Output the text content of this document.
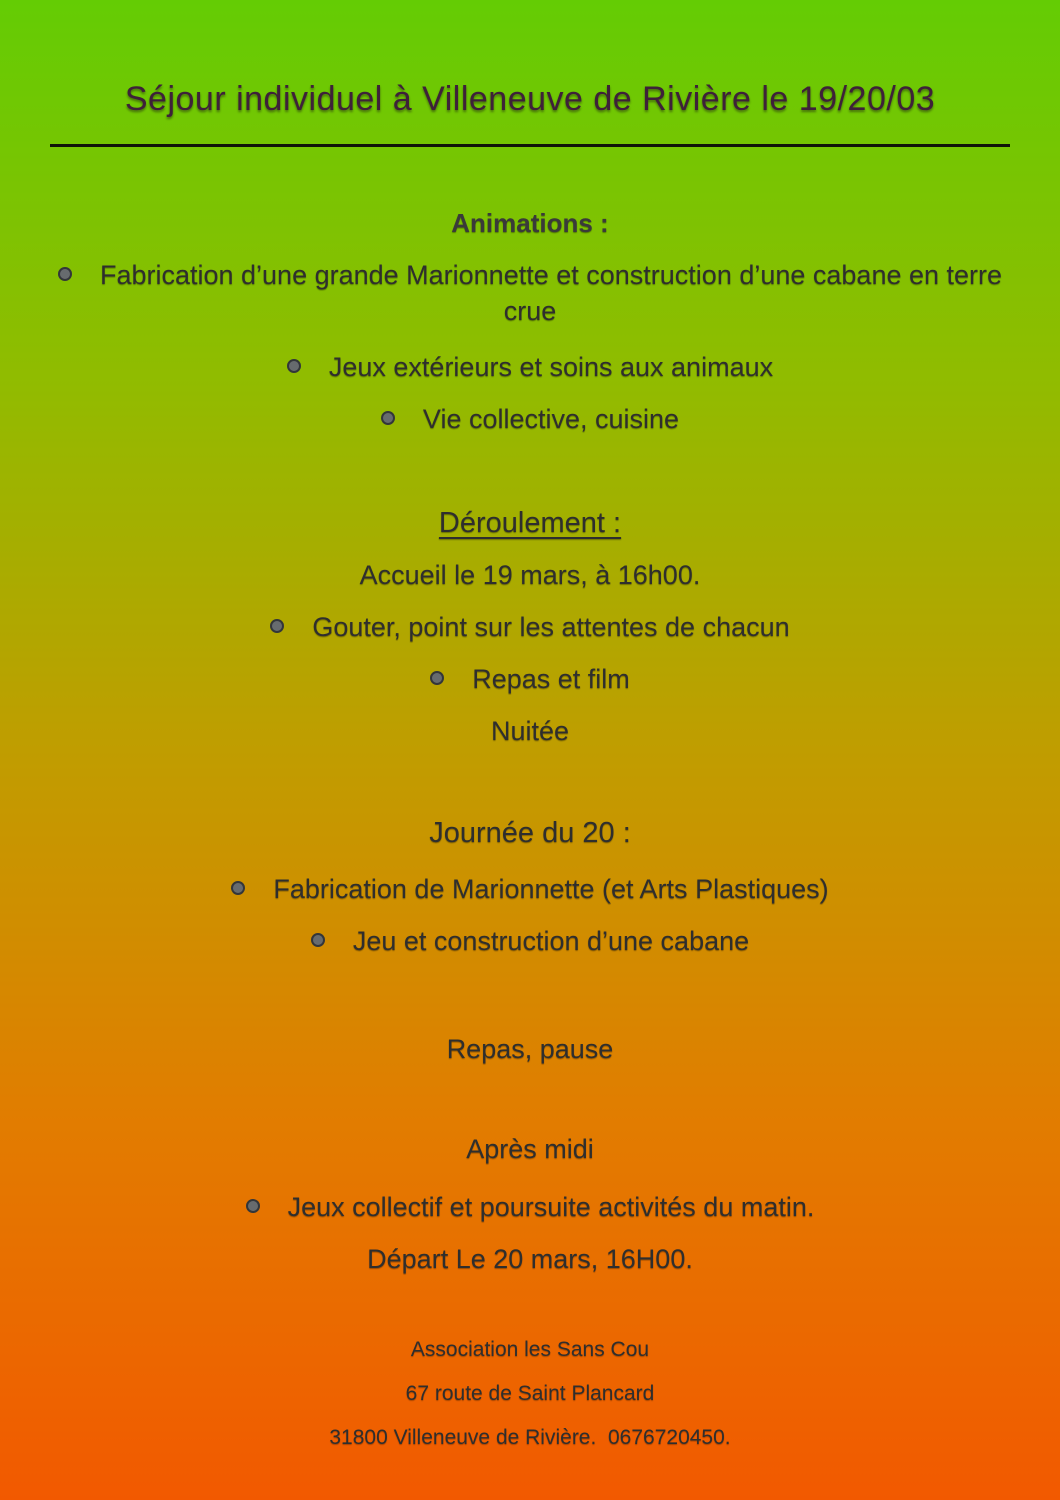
Séjour individuel à Villeneuve de Rivière le 19/20/03

Animations :

Fabrication d’une grande Marionnette et construction d’une cabane en terre crue

Jeux extérieurs et soins aux animaux

Vie collective, cuisine

Déroulement :

Accueil le 19 mars, à 16h00.

Gouter, point sur les attentes de chacun

Repas et film

Nuitée

Journée du 20 :

Fabrication de Marionnette (et Arts Plastiques)

Jeu et construction d’une cabane

Repas, pause

Après midi

Jeux collectif et poursuite activités du matin.

Départ Le 20 mars, 16H00.

Association les Sans Cou

67 route de Saint Plancard

31800 Villeneuve de Rivière.  0676720450.
